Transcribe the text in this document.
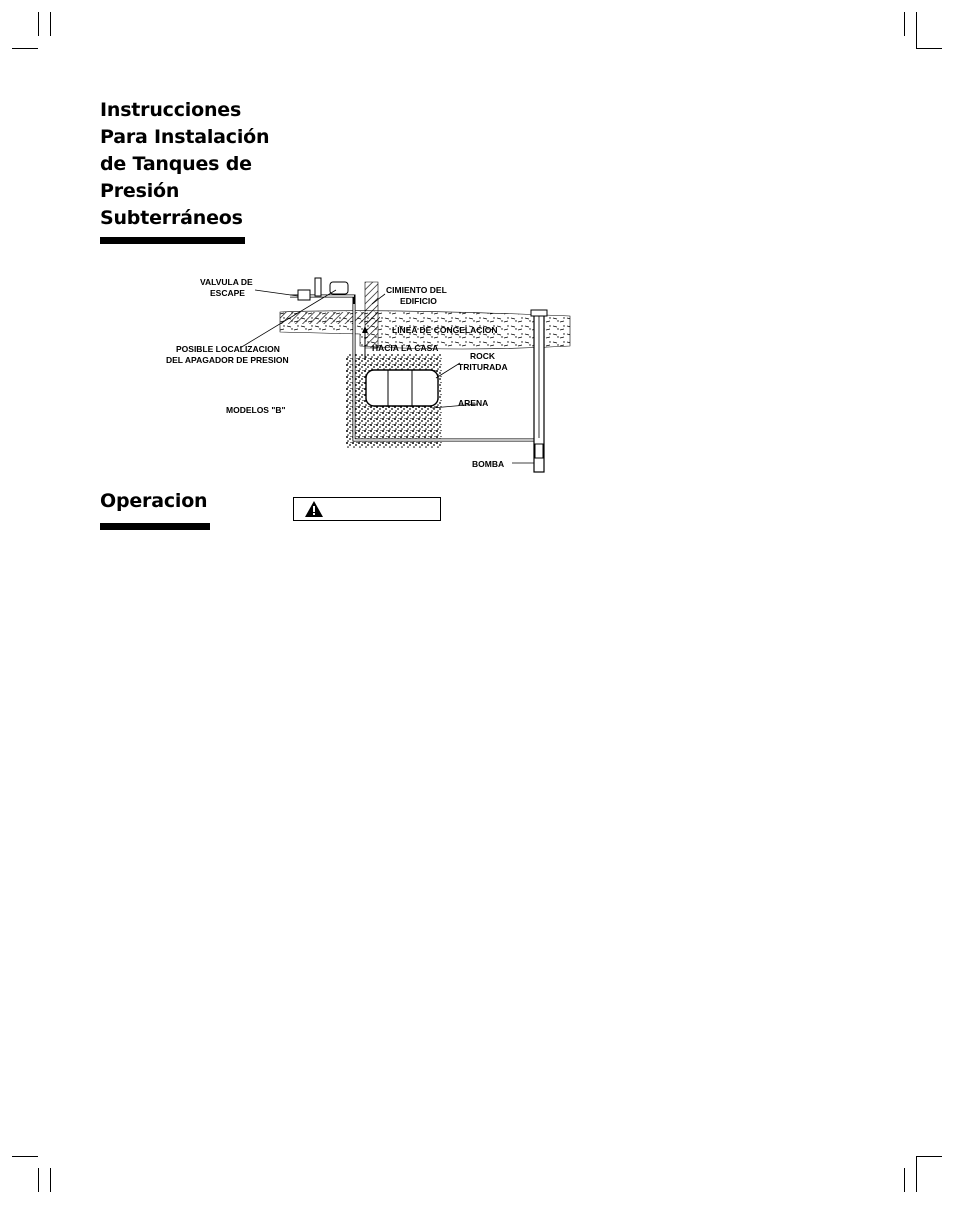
Instrucciones
Para Instalación
de Tanques de
Presión
Subterráneos
VALVULA DE
ESCAPE	CIMIENTO DEL
EDIFICIO
LINEA DE CONGELACION
POSIBLE LOCALIZACION
DEL APAGADOR DE PRESION
HACIA LA CASA
ROCK
TRITURADA
MODELOS "B"
ARENA
BOMBA
Operacion
